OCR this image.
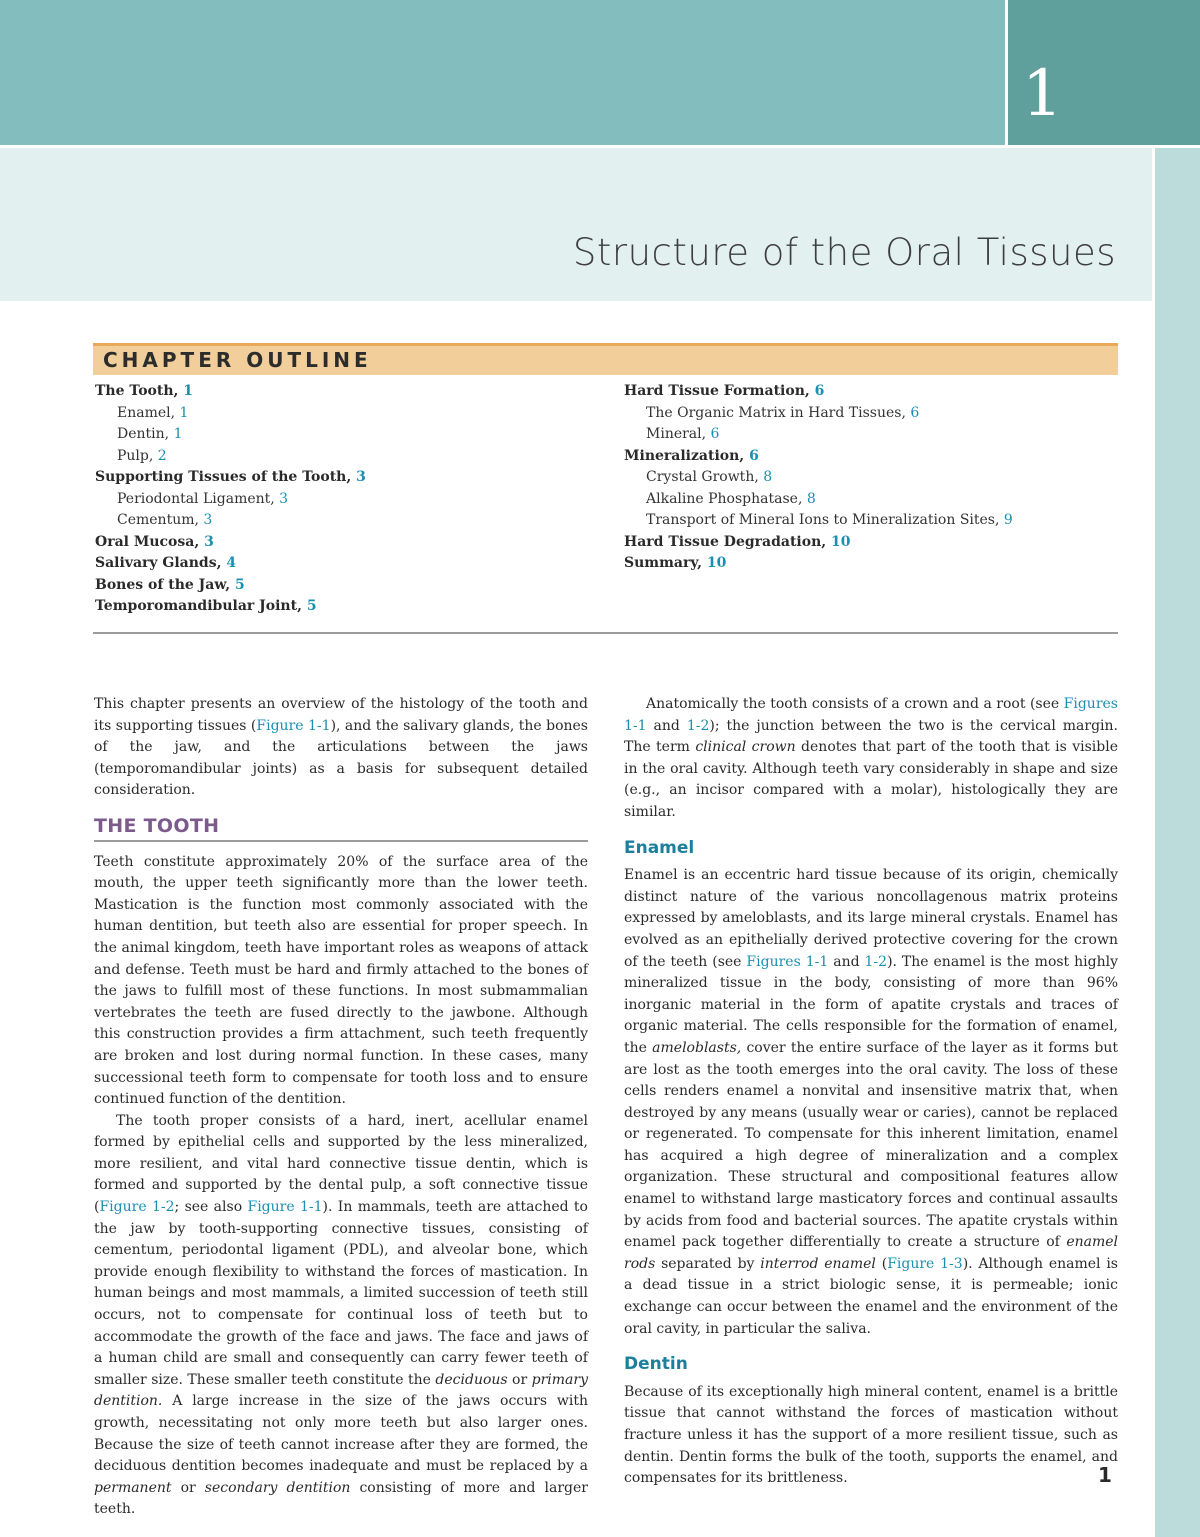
1
Structure of the Oral Tissues
CHAPTER OUTLINE
The Tooth, 1
Enamel, 1
Dentin, 1
Pulp, 2
Supporting Tissues of the Tooth, 3
Periodontal Ligament, 3
Cementum, 3
Oral Mucosa, 3
Salivary Glands, 4
Bones of the Jaw, 5
Temporomandibular Joint, 5
Hard Tissue Formation, 6
The Organic Matrix in Hard Tissues, 6
Mineral, 6
Mineralization, 6
Crystal Growth, 8
Alkaline Phosphatase, 8
Transport of Mineral Ions to Mineralization Sites, 9
Hard Tissue Degradation, 10
Summary, 10

This chapter presents an overview of the histology of the tooth and its supporting tissues (Figure 1-1), and the salivary glands, the bones of the jaw, and the articulations between the jaws (temporomandibular joints) as a basis for subsequent detailed consideration.

THE TOOTH

Teeth constitute approximately 20% of the surface area of the mouth, the upper teeth significantly more than the lower teeth. Mastication is the function most commonly associated with the human dentition, but teeth also are essential for proper speech. In the animal kingdom, teeth have important roles as weapons of attack and defense. Teeth must be hard and firmly attached to the bones of the jaws to fulfill most of these functions. In most submammalian vertebrates the teeth are fused directly to the jawbone. Although this construction provides a firm attachment, such teeth frequently are broken and lost during normal function. In these cases, many successional teeth form to compensate for tooth loss and to ensure continued function of the dentition.

The tooth proper consists of a hard, inert, acellular enamel formed by epithelial cells and supported by the less mineralized, more resilient, and vital hard connective tissue dentin, which is formed and supported by the dental pulp, a soft connective tissue (Figure 1-2; see also Figure 1-1). In mammals, teeth are attached to the jaw by tooth-supporting connective tissues, consisting of cementum, periodontal ligament (PDL), and alveolar bone, which provide enough flexibility to withstand the forces of mastication. In human beings and most mammals, a limited succession of teeth still occurs, not to compensate for continual loss of teeth but to accommodate the growth of the face and jaws. The face and jaws of a human child are small and consequently can carry fewer teeth of smaller size. These smaller teeth constitute the deciduous or primary dentition. A large increase in the size of the jaws occurs with growth, necessitating not only more teeth but also larger ones. Because the size of teeth cannot increase after they are formed, the deciduous dentition becomes inadequate and must be replaced by a permanent or secondary dentition consisting of more and larger teeth.

Anatomically the tooth consists of a crown and a root (see Figures 1-1 and 1-2); the junction between the two is the cervical margin. The term clinical crown denotes that part of the tooth that is visible in the oral cavity. Although teeth vary considerably in shape and size (e.g., an incisor compared with a molar), histologically they are similar.

Enamel

Enamel is an eccentric hard tissue because of its origin, chemically distinct nature of the various noncollagenous matrix proteins expressed by ameloblasts, and its large mineral crystals. Enamel has evolved as an epithelially derived protective covering for the crown of the teeth (see Figures 1-1 and 1-2). The enamel is the most highly mineralized tissue in the body, consisting of more than 96% inorganic material in the form of apatite crystals and traces of organic material. The cells responsible for the formation of enamel, the ameloblasts, cover the entire surface of the layer as it forms but are lost as the tooth emerges into the oral cavity. The loss of these cells renders enamel a nonvital and insensitive matrix that, when destroyed by any means (usually wear or caries), cannot be replaced or regenerated. To compensate for this inherent limitation, enamel has acquired a high degree of mineralization and a complex organization. These structural and compositional features allow enamel to withstand large masticatory forces and continual assaults by acids from food and bacterial sources. The apatite crystals within enamel pack together differentially to create a structure of enamel rods separated by interrod enamel (Figure 1-3). Although enamel is a dead tissue in a strict biologic sense, it is permeable; ionic exchange can occur between the enamel and the environment of the oral cavity, in particular the saliva.

Dentin

Because of its exceptionally high mineral content, enamel is a brittle tissue that cannot withstand the forces of mastication without fracture unless it has the support of a more resilient tissue, such as dentin. Dentin forms the bulk of the tooth, supports the enamel, and compensates for its brittleness.	1
